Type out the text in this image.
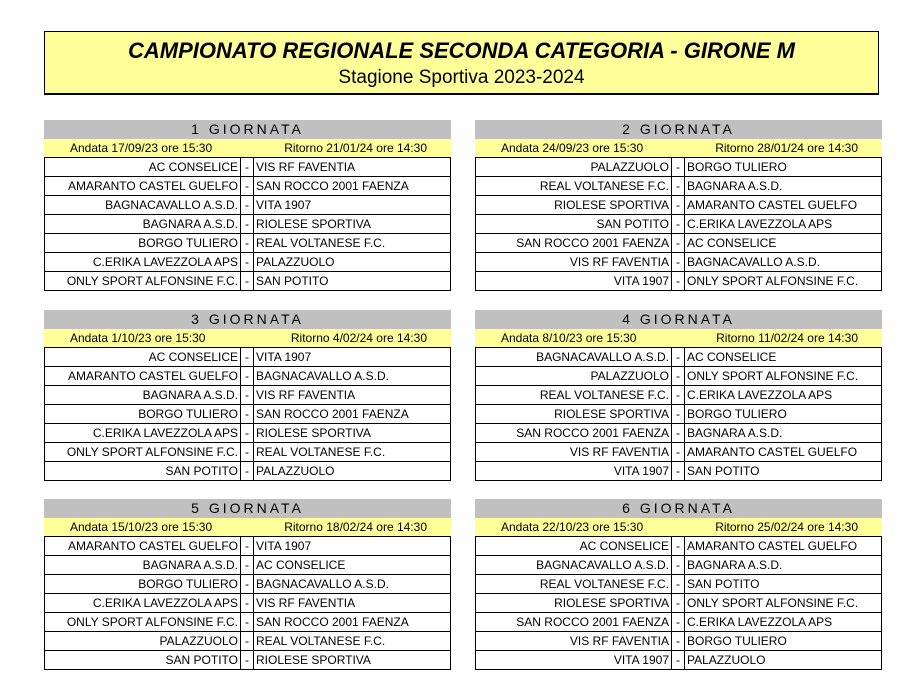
CAMPIONATO REGIONALE SECONDA CATEGORIA - GIRONE M
Stagione Sportiva 2023-2024
1 GIORNATA
Andata 17/09/23 ore 15:30	Ritorno 21/01/24 ore 14:30
AC CONSELICE - VIS RF FAVENTIA
AMARANTO CASTEL GUELFO - SAN ROCCO 2001 FAENZA
BAGNACAVALLO A.S.D. - VITA 1907
BAGNARA A.S.D. - RIOLESE SPORTIVA
BORGO TULIERO - REAL VOLTANESE F.C.
C.ERIKA LAVEZZOLA APS - PALAZZUOLO
ONLY SPORT ALFONSINE F.C. - SAN POTITO
2 GIORNATA
Andata 24/09/23 ore 15:30	Ritorno 28/01/24 ore 14:30
PALAZZUOLO - BORGO TULIERO
REAL VOLTANESE F.C. - BAGNARA A.S.D.
RIOLESE SPORTIVA - AMARANTO CASTEL GUELFO
SAN POTITO - C.ERIKA LAVEZZOLA APS
SAN ROCCO 2001 FAENZA - AC CONSELICE
VIS RF FAVENTIA - BAGNACAVALLO A.S.D.
VITA 1907 - ONLY SPORT ALFONSINE F.C.
3 GIORNATA
Andata 1/10/23 ore 15:30	Ritorno 4/02/24 ore 14:30
AC CONSELICE - VITA 1907
AMARANTO CASTEL GUELFO - BAGNACAVALLO A.S.D.
BAGNARA A.S.D. - VIS RF FAVENTIA
BORGO TULIERO - SAN ROCCO 2001 FAENZA
C.ERIKA LAVEZZOLA APS - RIOLESE SPORTIVA
ONLY SPORT ALFONSINE F.C. - REAL VOLTANESE F.C.
SAN POTITO - PALAZZUOLO
4 GIORNATA
Andata 8/10/23 ore 15:30	Ritorno 11/02/24 ore 14:30
BAGNACAVALLO A.S.D. - AC CONSELICE
PALAZZUOLO - ONLY SPORT ALFONSINE F.C.
REAL VOLTANESE F.C. - C.ERIKA LAVEZZOLA APS
RIOLESE SPORTIVA - BORGO TULIERO
SAN ROCCO 2001 FAENZA - BAGNARA A.S.D.
VIS RF FAVENTIA - AMARANTO CASTEL GUELFO
VITA 1907 - SAN POTITO
5 GIORNATA
Andata 15/10/23 ore 15:30	Ritorno 18/02/24 ore 14:30
AMARANTO CASTEL GUELFO - VITA 1907
BAGNARA A.S.D. - AC CONSELICE
BORGO TULIERO - BAGNACAVALLO A.S.D.
C.ERIKA LAVEZZOLA APS - VIS RF FAVENTIA
ONLY SPORT ALFONSINE F.C. - SAN ROCCO 2001 FAENZA
PALAZZUOLO - REAL VOLTANESE F.C.
SAN POTITO - RIOLESE SPORTIVA
6 GIORNATA
Andata 22/10/23 ore 15:30	Ritorno 25/02/24 ore 14:30
AC CONSELICE - AMARANTO CASTEL GUELFO
BAGNACAVALLO A.S.D. - BAGNARA A.S.D.
REAL VOLTANESE F.C. - SAN POTITO
RIOLESE SPORTIVA - ONLY SPORT ALFONSINE F.C.
SAN ROCCO 2001 FAENZA - C.ERIKA LAVEZZOLA APS
VIS RF FAVENTIA - BORGO TULIERO
VITA 1907 - PALAZZUOLO
